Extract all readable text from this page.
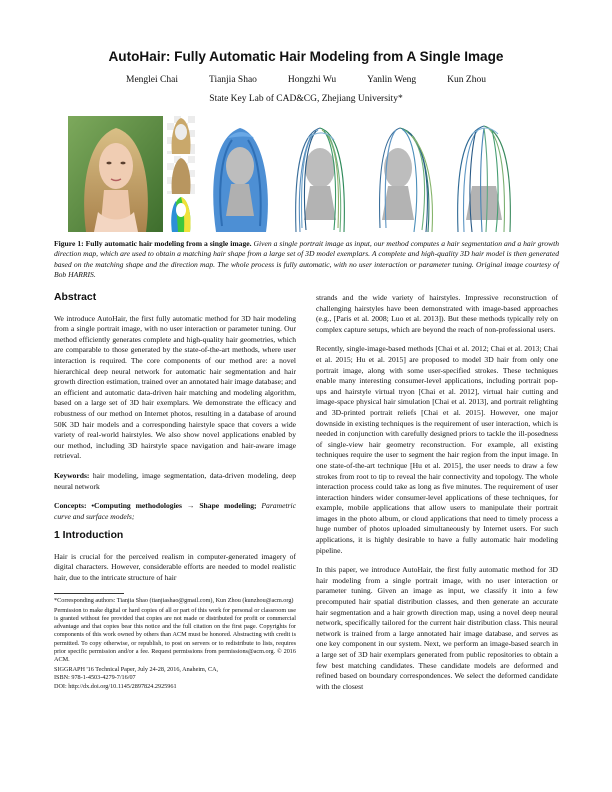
AutoHair: Fully Automatic Hair Modeling from A Single Image
Menglei Chai	Tianjia Shao	Hongzhi Wu	Yanlin Weng	Kun Zhou
State Key Lab of CAD&CG, Zhejiang University*
Figure 1: Fully automatic hair modeling from a single image. Given a single portrait image as input, our method computes a hair segmentation and a hair growth direction map, which are used to obtain a matching hair shape from a large set of 3D model exemplars. A complete and high-quality 3D hair model is then generated based on the matching shape and the direction map. The whole process is fully automatic, with no user interaction or parameter tuning. Original image courtesy of Bob HARRIS.
Abstract

We introduce AutoHair, the first fully automatic method for 3D hair modeling from a single portrait image, with no user interaction or parameter tuning. Our method efficiently generates complete and high-quality hair geometries, which are comparable to those generated by the state-of-the-art methods, where user interaction is required. The core components of our method are: a novel hierarchical deep neural network for automatic hair segmentation and hair growth direction estimation, trained over an annotated hair image database; and an efficient and automatic data-driven hair matching and modeling algorithm, based on a large set of 3D hair exemplars. We demonstrate the efficacy and robustness of our method on Internet photos, resulting in a database of around 50K 3D hair models and a corresponding hairstyle space that covers a wide variety of real-world hairstyles. We also show novel applications enabled by our method, including 3D hairstyle space navigation and hair-aware image retrieval.

Keywords: hair modeling, image segmentation, data-driven modeling, deep neural network

Concepts: •Computing methodologies → Shape modeling; Parametric curve and surface models;

1 Introduction

Hair is crucial for the perceived realism in computer-generated imagery of digital characters. However, considerable efforts are needed to model realistic hair, due to the intricate structure of hair

*Corresponding authors: Tianjia Shao (tianjiashao@gmail.com), Kun Zhou (kunzhou@acm.org)

Permission to make digital or hard copies of all or part of this work for personal or classroom use is granted without fee provided that copies are not made or distributed for profit or commercial advantage and that copies bear this notice and the full citation on the first page. Copyrights for components of this work owned by others than ACM must be honored. Abstracting with credit is permitted. To copy otherwise, or republish, to post on servers or to redistribute to lists, requires prior specific permission and/or a fee. Request permissions from permissions@acm.org. © 2016 ACM.

SIGGRAPH '16 Technical Paper, July 24-28, 2016, Anaheim, CA,
ISBN: 978-1-4503-4279-7/16/07
DOI: http://dx.doi.org/10.1145/2897824.2925961

strands and the wide variety of hairstyles. Impressive reconstruction of challenging hairstyles have been demonstrated with image-based approaches (e.g., [Paris et al. 2008; Luo et al. 2013]). But these methods typically rely on complex capture setups, which are beyond the reach of non-professional users.

Recently, single-image-based methods [Chai et al. 2012; Chai et al. 2013; Chai et al. 2015; Hu et al. 2015] are proposed to model 3D hair from only one portrait image, along with some user-specified strokes. These techniques enable many interesting consumer-level applications, including portrait pop-ups and hairstyle virtual tryon [Chai et al. 2012], virtual hair cutting and image-space physical hair simulation [Chai et al. 2013], and portrait relighting and 3D-printed portrait reliefs [Chai et al. 2015]. However, one major downside in existing techniques is the requirement of user interaction, which is needed in conjunction with carefully designed priors to tackle the ill-posedness of single-view hair geometry reconstruction. For example, all existing techniques require the user to segment the hair region from the input image. In one state-of-the-art technique [Hu et al. 2015], the user needs to draw a few strokes from root to tip to reveal the hair connectivity and topology. The whole interaction process could take as long as five minutes. The requirement of user interaction hinders wider consumer-level applications of these techniques, for example, mobile applications that allow users to manipulate their portrait images in the photo album, or cloud applications that need to timely process a huge number of photos uploaded simultaneously by Internet users. For such applications, it is highly desirable to have a fully automatic hair modeling pipeline.

In this paper, we introduce AutoHair, the first fully automatic method for 3D hair modeling from a single portrait image, with no user interaction or parameter tuning. Given an image as input, we classify it into a few precomputed hair spatial distribution classes, and then generate an accurate hair segmentation and a hair growth direction map, using a novel deep neural network, specifically tailored for the current hair distribution class. This neural network is trained from a large annotated hair image database, and serves as one key component in our system. Next, we perform an image-based search in a large set of 3D hair exemplars generated from public repositories to obtain a few best matching candidates. These candidate models are deformed and refined based on boundary correspondences. We select the deformed candidate with the closest
